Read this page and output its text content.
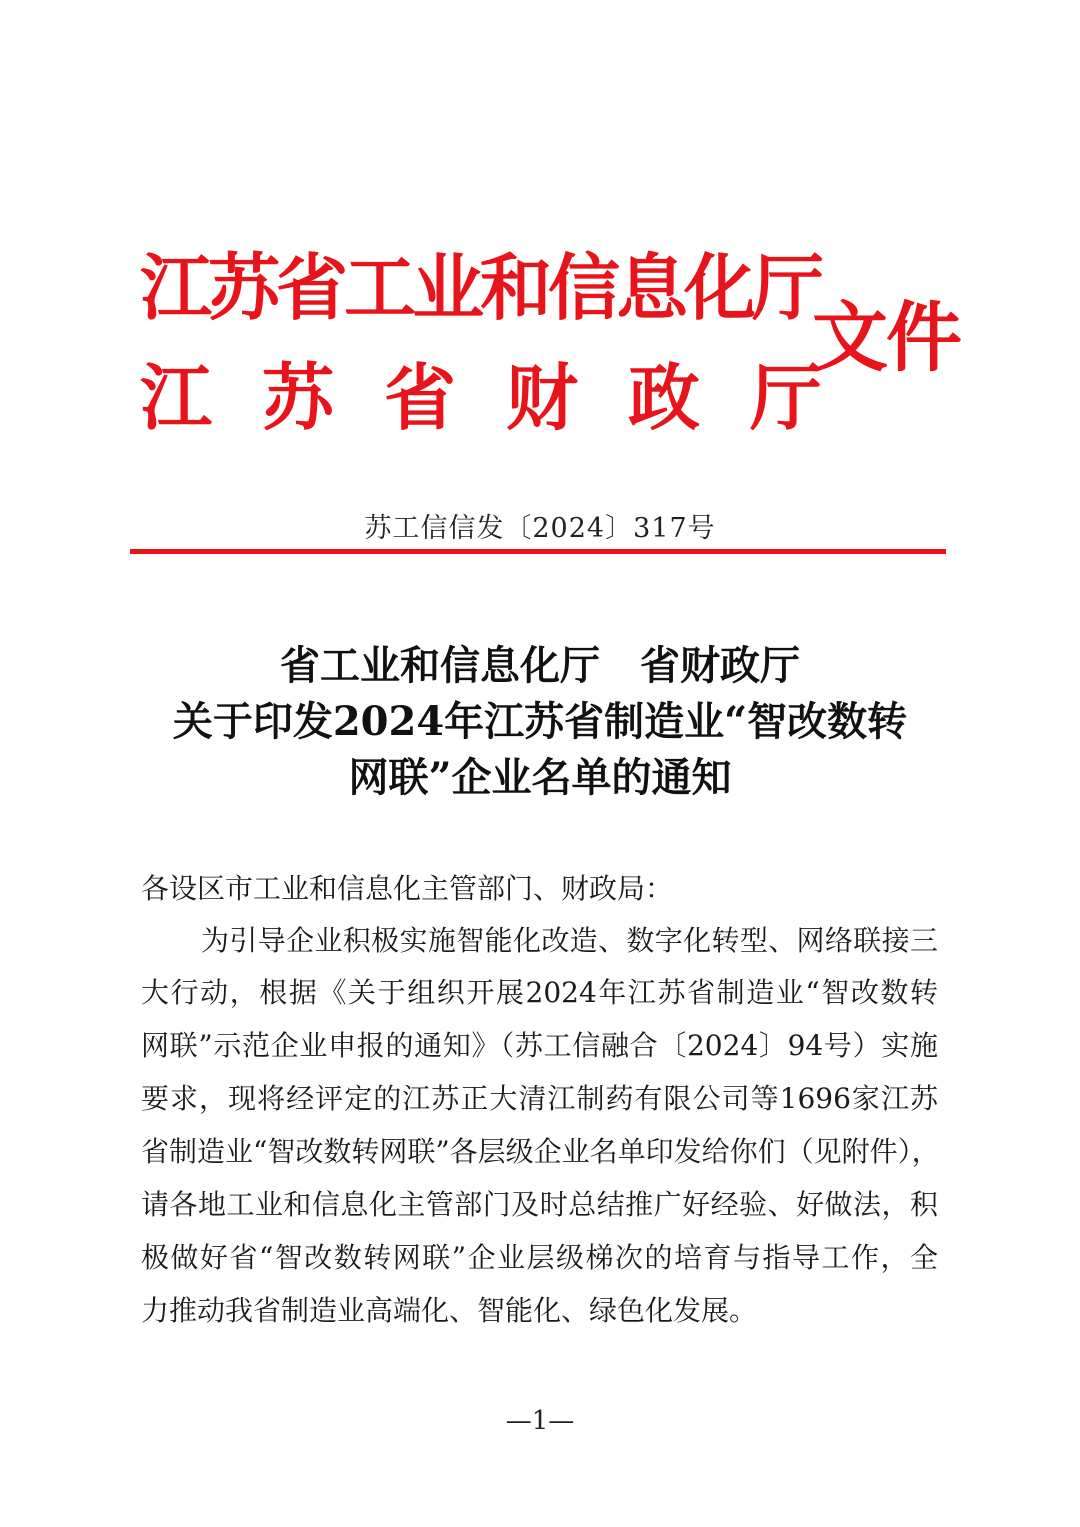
江苏省工业和信息化厅
江苏省财政厅
文件
苏工信信发〔2024〕317号
省工业和信息化厅　省财政厅
关于印发2024年江苏省制造业“智改数转
网联”企业名单的通知
各设区市工业和信息化主管部门、财政局：
为引导企业积极实施智能化改造、数字化转型、网络联接三
大行动，根据《关于组织开展2024年江苏省制造业“智改数转
网联”示范企业申报的通知》（苏工信融合〔2024〕94号）实施
要求，现将经评定的江苏正大清江制药有限公司等1696家江苏
省制造业“智改数转网联”各层级企业名单印发给你们（见附件），
请各地工业和信息化主管部门及时总结推广好经验、好做法，积
极做好省“智改数转网联”企业层级梯次的培育与指导工作，全
力推动我省制造业高端化、智能化、绿色化发展。
—1—
